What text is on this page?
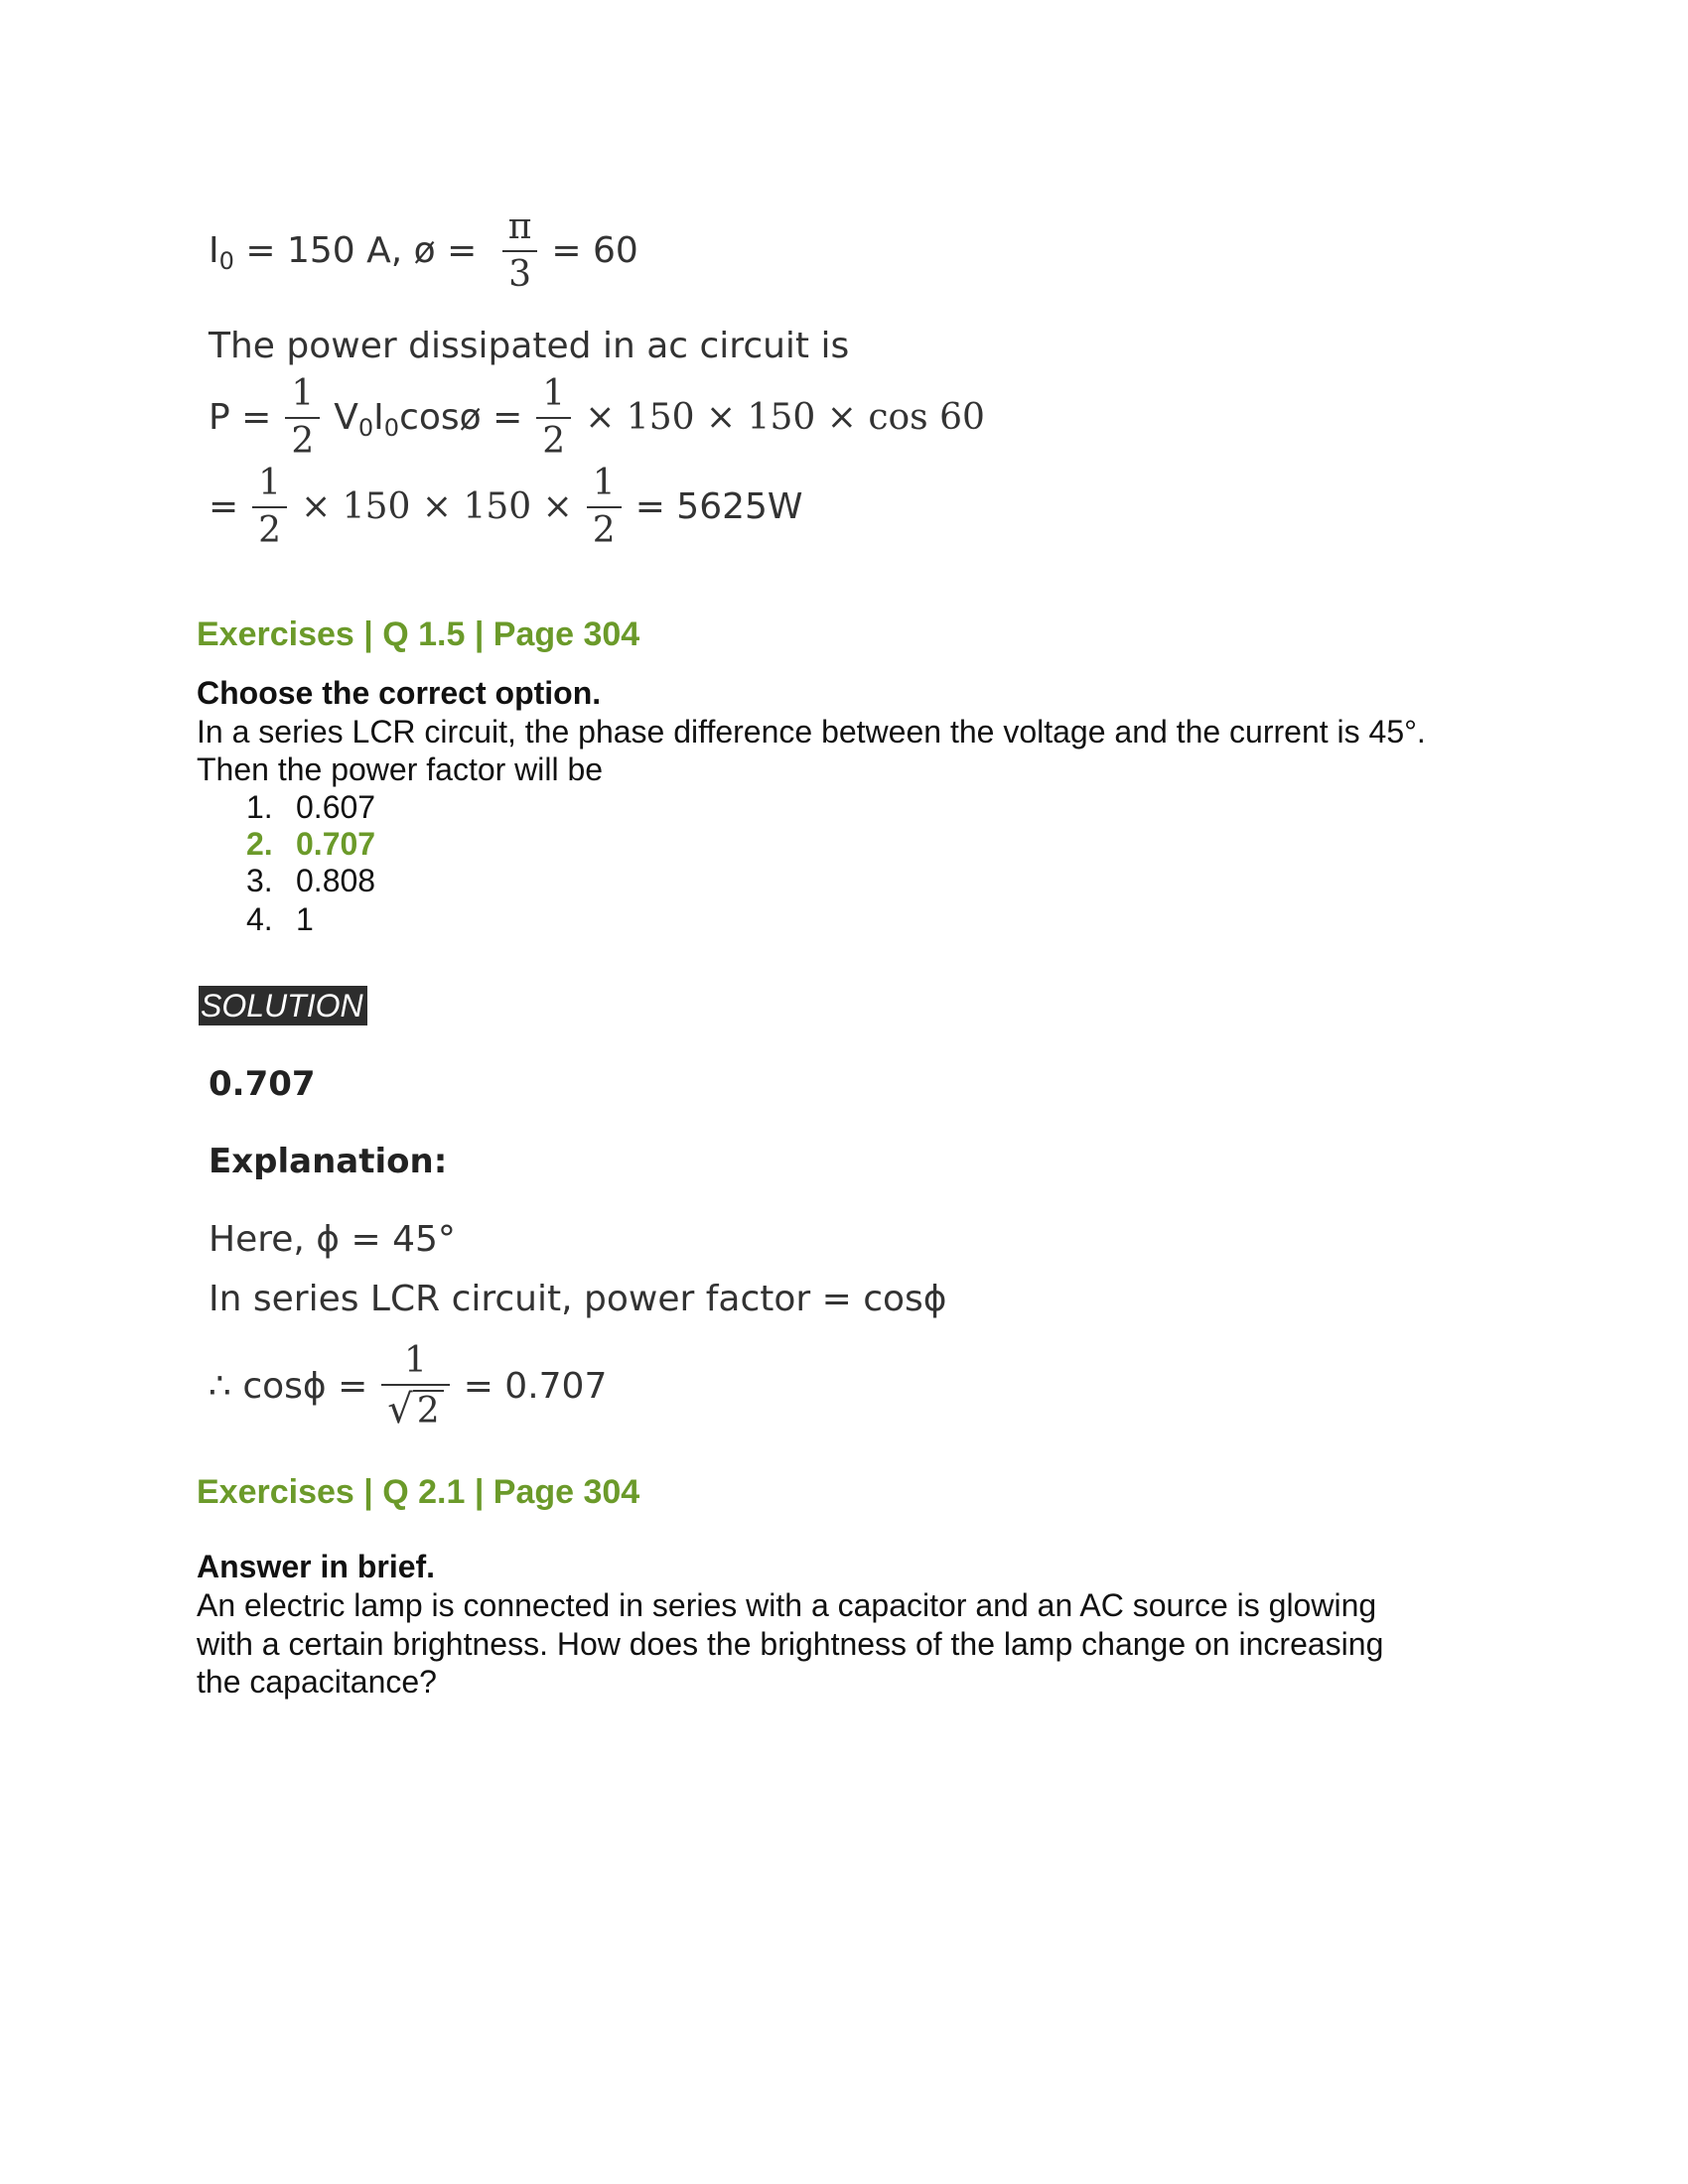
I 0 = 150 A, ø = $\frac{\pi}{3} = 60$
The power dissipated in ac circuit is
$P = \frac{1}{2}$ V 0 I 0 cosø = $\frac{1}{2} \times 150 \times 150 \times \cos 60$
= $\frac{1}{2} \times 150 \times 150 \times \frac{1}{2} = 5625W$
Exercises | Q 1.5 | Page 304
Choose the correct option.
In a series LCR circuit, the phase difference between the voltage and the current is 45°.
Then the power factor will be
1. 0.607
2. 0.707
3. 0.808
4. 1
SOLUTION
0.707
Explanation:
Here, ϕ = 45°
In series LCR circuit, power factor = cosϕ
∴ $\cos\phi = \frac{1}{√ 2} = 0.707$
Exercises | Q 2.1 | Page 304
Answer in brief.
An electric lamp is connected in series with a capacitor and an AC source is glowing
with a certain brightness. How does the brightness of the lamp change on increasing
the capacitance?
